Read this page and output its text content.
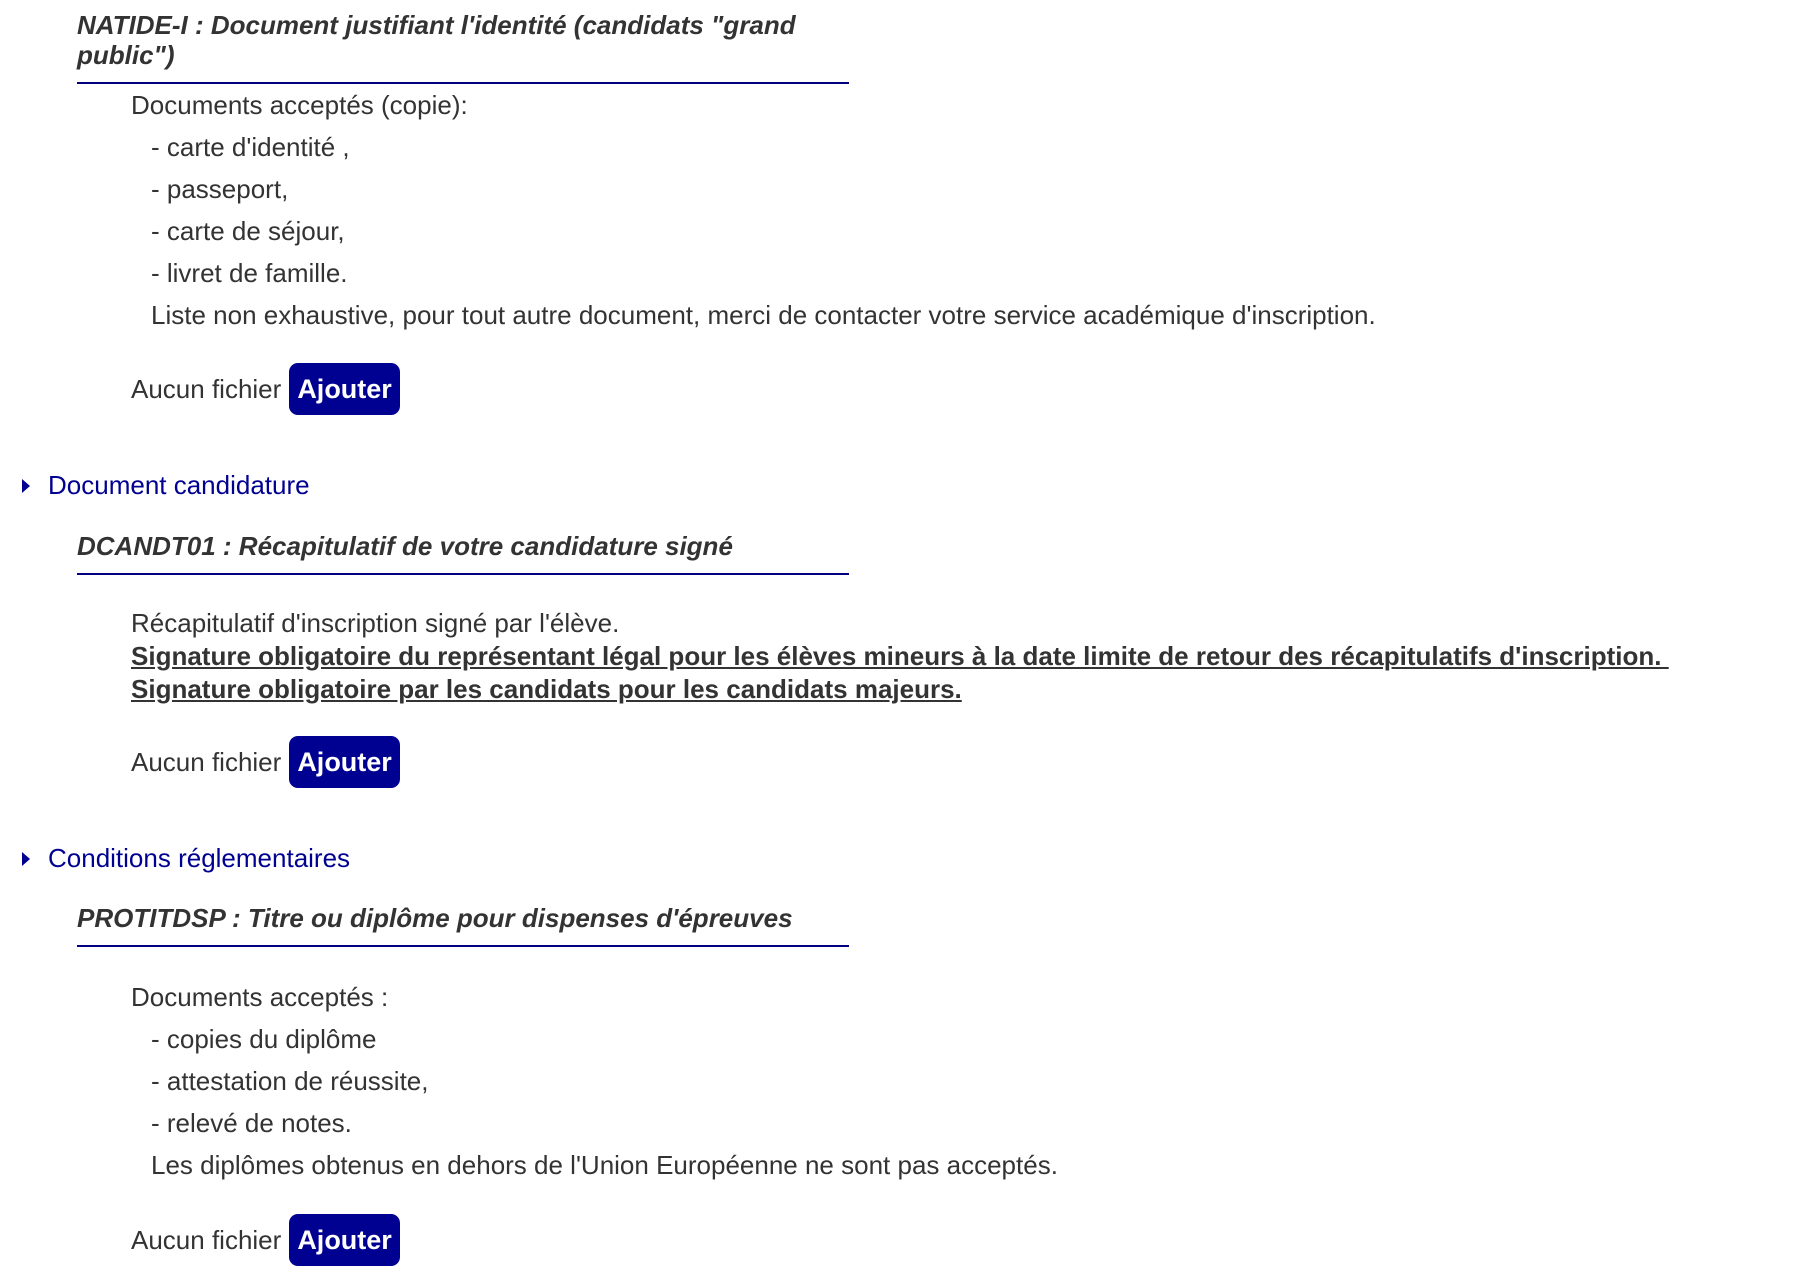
NATIDE-I : Document justifiant l'identité (candidats "grand public")
Documents acceptés (copie):
- carte d'identité ,
- passeport,
- carte de séjour,
- livret de famille.
Liste non exhaustive, pour tout autre document, merci de contacter votre service académique d'inscription.
Aucun fichier Ajouter
Document candidature
DCANDT01 : Récapitulatif de votre candidature signé
Récapitulatif d'inscription signé par l'élève.
Signature obligatoire du représentant légal pour les élèves mineurs à la date limite de retour des récapitulatifs d'inscription.
Signature obligatoire par les candidats pour les candidats majeurs.
Aucun fichier Ajouter
Conditions réglementaires
PROTITDSP : Titre ou diplôme pour dispenses d'épreuves
Documents acceptés :
- copies du diplôme
- attestation de réussite,
- relevé de notes.
Les diplômes obtenus en dehors de l'Union Européenne ne sont pas acceptés.
Aucun fichier Ajouter
